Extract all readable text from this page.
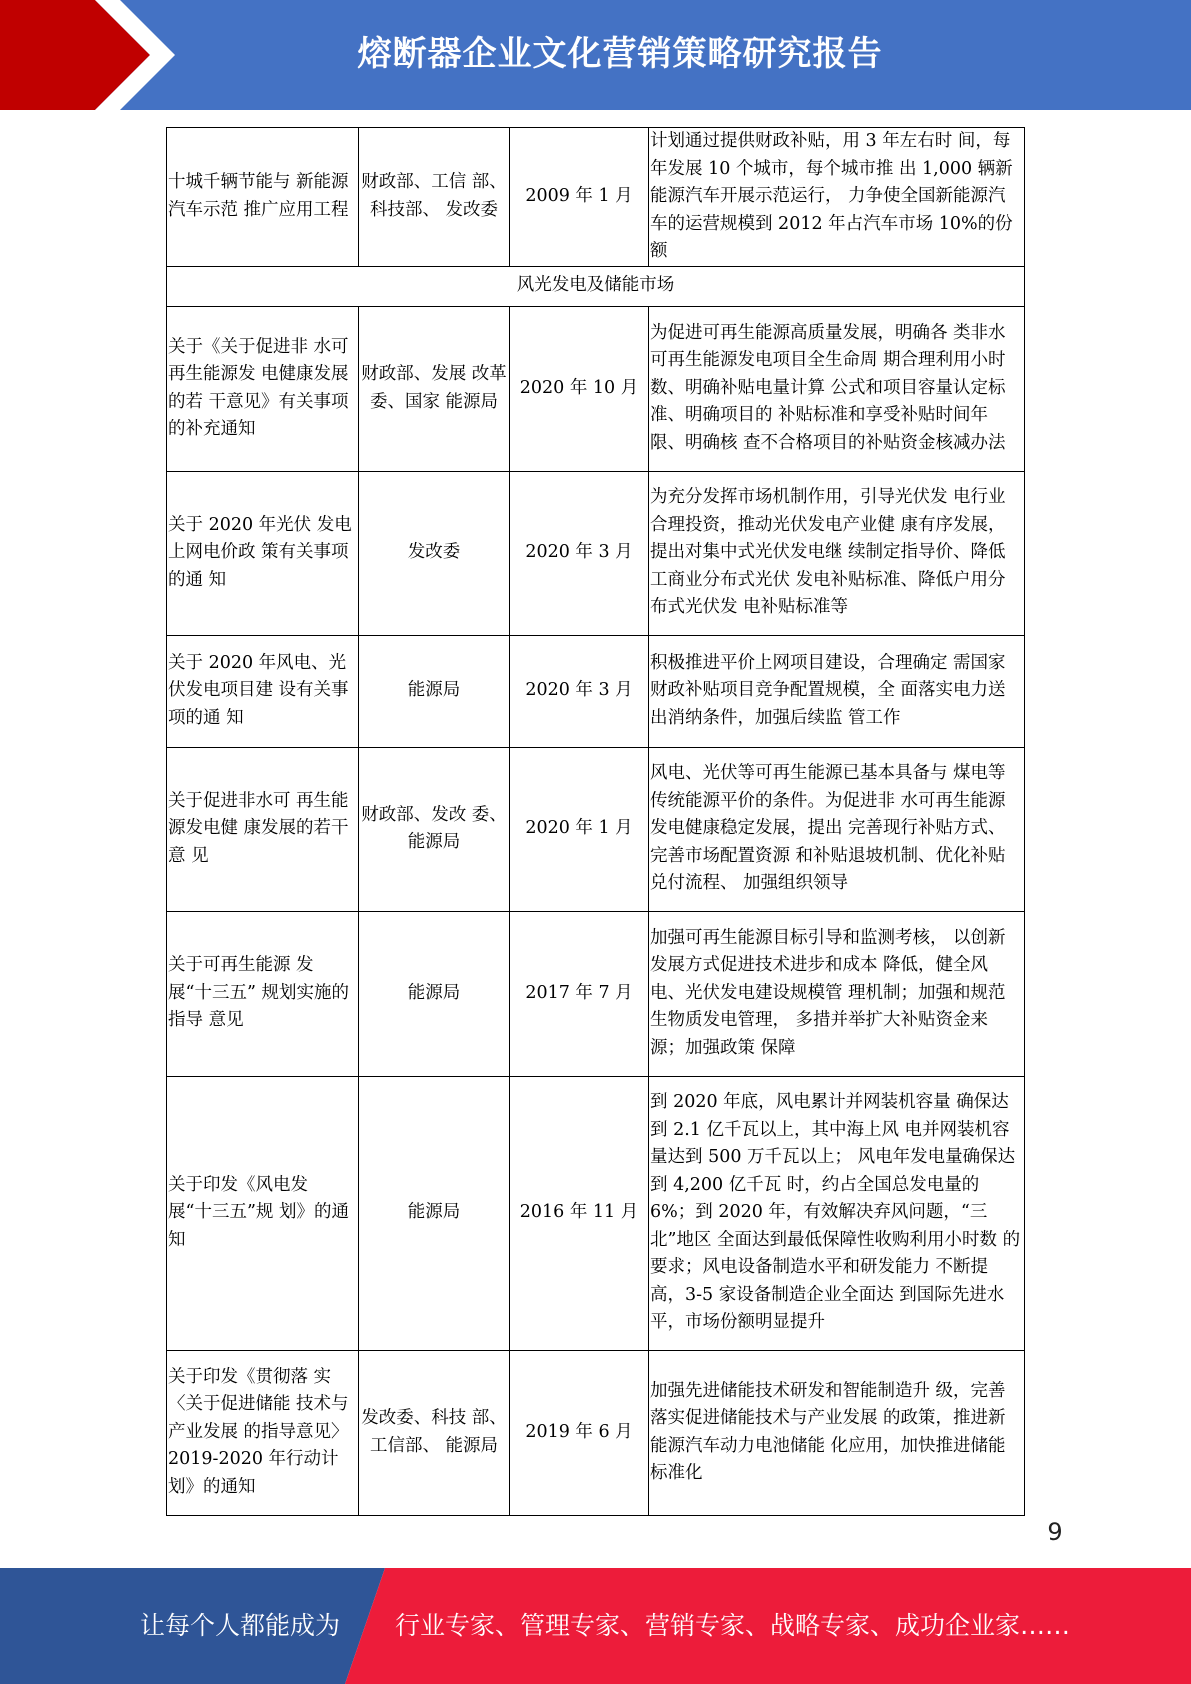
熔断器企业文化营销策略研究报告
十城千辆节能与 新能源汽车示范 推广应用工程	财政部、工信 部、科技部、 发改委	2009 年 1 月	计划通过提供财政补贴，用 3 年左右时 间，每年发展 10 个城市，每个城市推 出 1,000 辆新能源汽车开展示范运行， 力争使全国新能源汽车的运营规模到 2012 年占汽车市场 10%的份额
风光发电及储能市场			
关于《关于促进非 水可再生能源发 电健康发展的若 干意见》有关事项 的补充通知	财政部、发展 改革委、国家 能源局	2020 年 10 月	为促进可再生能源高质量发展，明确各 类非水可再生能源发电项目全生命周 期合理利用小时数、明确补贴电量计算 公式和项目容量认定标准、明确项目的 补贴标准和享受补贴时间年限、明确核 查不合格项目的补贴资金核减办法
关于 2020 年光伏 发电上网电价政 策有关事项的通 知	发改委	2020 年 3 月	为充分发挥市场机制作用，引导光伏发 电行业合理投资，推动光伏发电产业健 康有序发展，提出对集中式光伏发电继 续制定指导价、降低工商业分布式光伏 发电补贴标准、降低户用分布式光伏发 电补贴标准等
关于 2020 年风电、光伏发电项目建 设有关事项的通 知	能源局	2020 年 3 月	积极推进平价上网项目建设，合理确定 需国家财政补贴项目竞争配置规模，全 面落实电力送出消纳条件，加强后续监 管工作
关于促进非水可 再生能源发电健 康发展的若干意 见	财政部、发改 委、能源局	2020 年 1 月	风电、光伏等可再生能源已基本具备与 煤电等传统能源平价的条件。为促进非 水可再生能源发电健康稳定发展，提出 完善现行补贴方式、完善市场配置资源 和补贴退坡机制、优化补贴兑付流程、 加强组织领导
关于可再生能源 发展“十三五” 规划实施的指导 意见	能源局	2017 年 7 月	加强可再生能源目标引导和监测考核， 以创新发展方式促进技术进步和成本 降低，健全风电、光伏发电建设规模管 理机制；加强和规范生物质发电管理， 多措并举扩大补贴资金来源；加强政策 保障
关于印发《风电发 展“十三五”规 划》的通知	能源局	2016 年 11 月	到 2020 年底，风电累计并网装机容量 确保达到 2.1 亿千瓦以上，其中海上风 电并网装机容量达到 500 万千瓦以上； 风电年发电量确保达到 4,200 亿千瓦 时，约占全国总发电量的 6%；到 2020 年，有效解决弃风问题，“三北”地区 全面达到最低保障性收购利用小时数 的要求；风电设备制造水平和研发能力 不断提高，3-5 家设备制造企业全面达 到国际先进水平，市场份额明显提升
关于印发《贯彻落 实〈关于促进储能 技术与产业发展 的指导意见〉2019-2020 年行动计划》的通知	发改委、科技 部、工信部、 能源局	2019 年 6 月	加强先进储能技术研发和智能制造升 级，完善落实促进储能技术与产业发展 的政策，推进新能源汽车动力电池储能 化应用，加快推进储能标准化
9
让每个人都能成为	行业专家、管理专家、营销专家、战略专家、成功企业家……
